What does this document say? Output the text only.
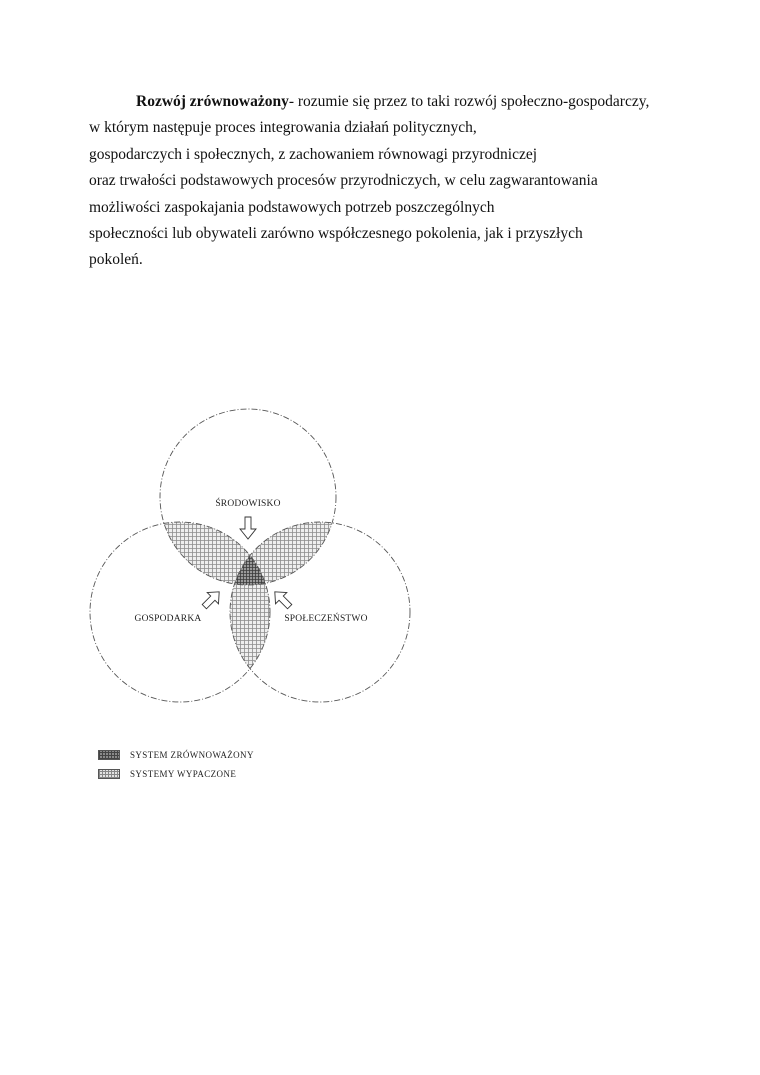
Rozwój zrównoważony- rozumie się przez to taki rozwój społeczno-gospodarczy,
w którym następuje proces integrowania działań politycznych,
gospodarczych i społecznych, z zachowaniem równowagi przyrodniczej
oraz trwałości podstawowych procesów przyrodniczych, w celu zagwarantowania
możliwości zaspokajania podstawowych potrzeb poszczególnych
społeczności lub obywateli zarówno współczesnego pokolenia, jak i przyszłych
pokoleń.
ŚRODOWISKO
GOSPODARKA	SPOŁECZEŃSTWO
SYSTEM ZRÓWNOWAŻONY
SYSTEMY WYPACZONE
